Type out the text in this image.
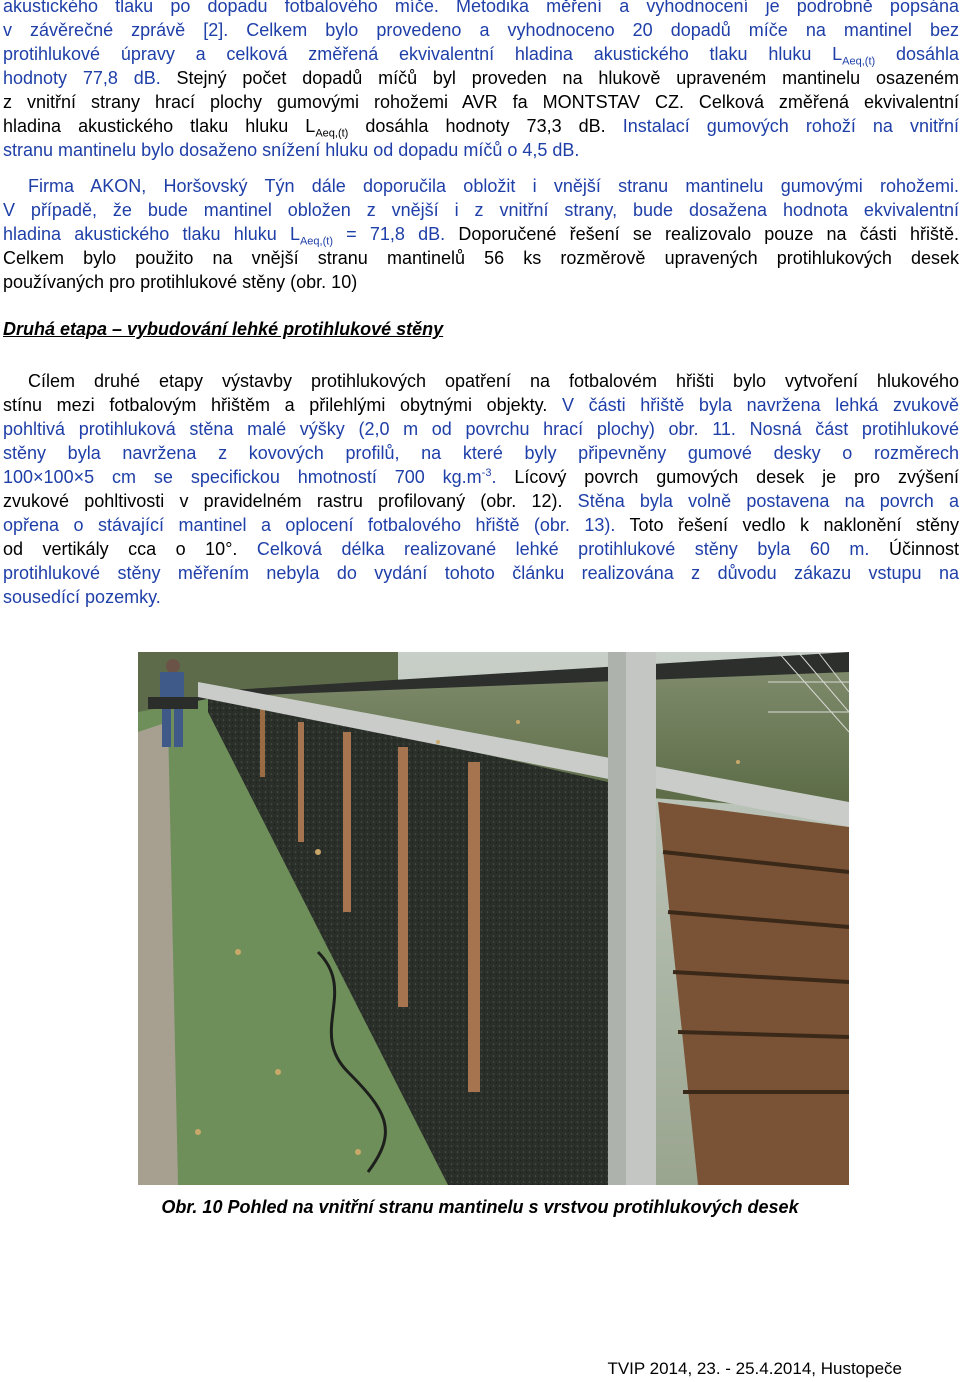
akustického tlaku po dopadu fotbalového míče. Metodika měření a vyhodnocení je podrobně popsána
v závěrečné zprávě [2]. Celkem bylo provedeno a vyhodnoceno 20 dopadů míče na mantinel bez
protihlukové úpravy a celková změřená ekvivalentní hladina akustického tlaku hluku $L_{Aeq,(t)}$ dosáhla
hodnoty 77,8 dB. Stejný počet dopadů míčů byl proveden na hlukově upraveném mantinelu osazeném
z vnitřní strany hrací plochy gumovými rohožemi AVR fa MONTSTAV CZ. Celková změřená ekvivalentní
hladina akustického tlaku hluku $L_{Aeq,(t)}$ dosáhla hodnoty 73,3 dB. Instalací gumových rohoží na vnitřní
stranu mantinelu bylo dosaženo snížení hluku od dopadu míčů o 4,5 dB.
Firma AKON, Horšovský Týn dále doporučila obložit i vnější stranu mantinelu gumovými rohožemi.
V případě, že bude mantinel obložen z vnější i z vnitřní strany, bude dosažena hodnota ekvivalentní
hladina akustického tlaku hluku $L_{Aeq,(t)} = 71,8$ dB. Doporučené řešení se realizovalo pouze na části hřiště.
Celkem bylo použito na vnější stranu mantinelů 56 ks rozměrově upravených protihlukových desek
používaných pro protihlukové stěny (obr. 10)
Druhá etapa – vybudování lehké protihlukové stěny
Cílem druhé etapy výstavby protihlukových opatření na fotbalovém hřišti bylo vytvoření hlukového
stínu mezi fotbalovým hřištěm a přilehlými obytnými objekty. V části hřiště byla navržena lehká zvukově
pohltivá protihluková stěna malé výšky (2,0 m od povrchu hrací plochy) obr. 11. Nosná část protihlukové
stěny byla navržena z kovových profilů, na které byly připevněny gumové desky o rozměrech
100×100×5 cm se specifickou hmotností 700 $kg.m^{-3}$. Lícový povrch gumových desek je pro zvýšení
zvukové pohltivosti v pravidelném rastru profilovaný (obr. 12). Stěna byla volně postavena na povrch a
opřena o stávající mantinel a oplocení fotbalového hřiště (obr. 13). Toto řešení vedlo k naklonění stěny
od vertikály cca o 10°. Celková délka realizované lehké protihlukové stěny byla 60 m. Účinnost
protihlukové stěny měřením nebyla do vydání tohoto článku realizována z důvodu zákazu vstupu na
sousedící pozemky.
Obr. 10 Pohled na vnitřní stranu mantinelu s vrstvou protihlukových desek
TVIP 2014, 23. - 25.4.2014, Hustopeče
